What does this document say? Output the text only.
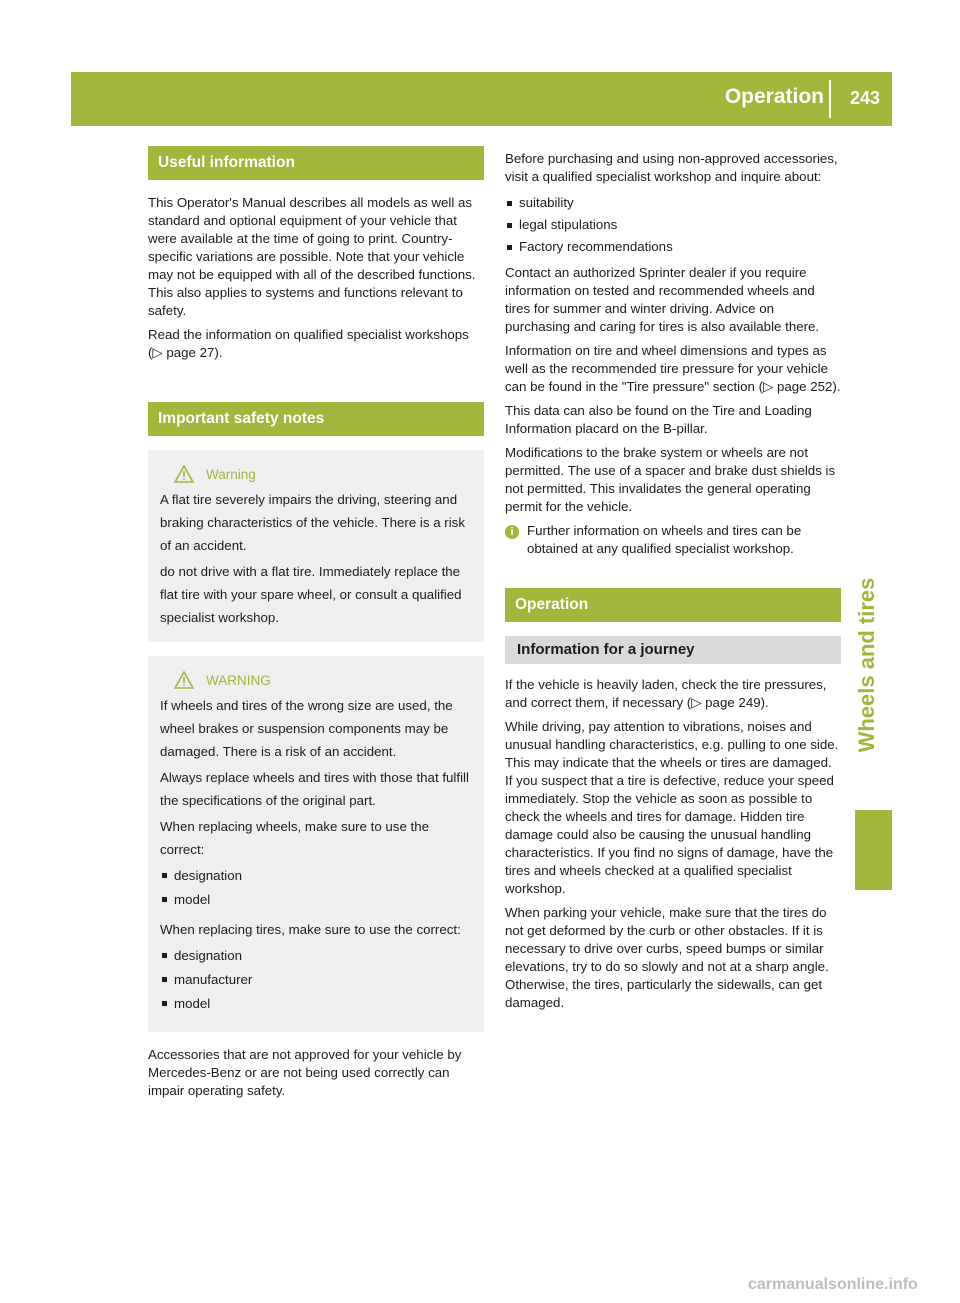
Operation 243
Wheels and tires
Useful information

This Operator's Manual describes all models as well as standard and optional equipment of your vehicle that were available at the time of going to print. Country-specific variations are possible. Note that your vehicle may not be equipped with all of the described functions. This also applies to systems and functions relevant to safety.

Read the information on qualified specialist workshops (▷ page 27).

Important safety notes
Warning

A flat tire severely impairs the driving, steering and braking characteristics of the vehicle. There is a risk of an accident.

do not drive with a flat tire. Immediately replace the flat tire with your spare wheel, or consult a qualified specialist workshop.

WARNING

If wheels and tires of the wrong size are used, the wheel brakes or suspension components may be damaged. There is a risk of an accident.

Always replace wheels and tires with those that fulfill the specifications of the original part.

When replacing wheels, make sure to use the correct:

designation
model

When replacing tires, make sure to use the correct:

designation
manufacturer
model

Accessories that are not approved for your vehicle by Mercedes-Benz or are not being used correctly can impair operating safety.

Before purchasing and using non-approved accessories, visit a qualified specialist workshop and inquire about:

suitability
legal stipulations
Factory recommendations

Contact an authorized Sprinter dealer if you require information on tested and recommended wheels and tires for summer and winter driving. Advice on purchasing and caring for tires is also available there.

Information on tire and wheel dimensions and types as well as the recommended tire pressure for your vehicle can be found in the "Tire pressure" section (▷ page 252).

This data can also be found on the Tire and Loading Information placard on the B-pillar.

Modifications to the brake system or wheels are not permitted. The use of a spacer and brake dust shields is not permitted. This invalidates the general operating permit for the vehicle.

i	Further information on wheels and tires can be obtained at any qualified specialist workshop.

Operation
Information for a journey

If the vehicle is heavily laden, check the tire pressures, and correct them, if necessary (▷ page 249).

While driving, pay attention to vibrations, noises and unusual handling characteristics, e.g. pulling to one side. This may indicate that the wheels or tires are damaged. If you suspect that a tire is defective, reduce your speed immediately. Stop the vehicle as soon as possible to check the wheels and tires for damage. Hidden tire damage could also be causing the unusual handling characteristics. If you find no signs of damage, have the tires and wheels checked at a qualified specialist workshop.

When parking your vehicle, make sure that the tires do not get deformed by the curb or other obstacles. If it is necessary to drive over curbs, speed bumps or similar elevations, try to do so slowly and not at a sharp angle. Otherwise, the tires, particularly the sidewalls, can get damaged.

carmanualsonline.info
